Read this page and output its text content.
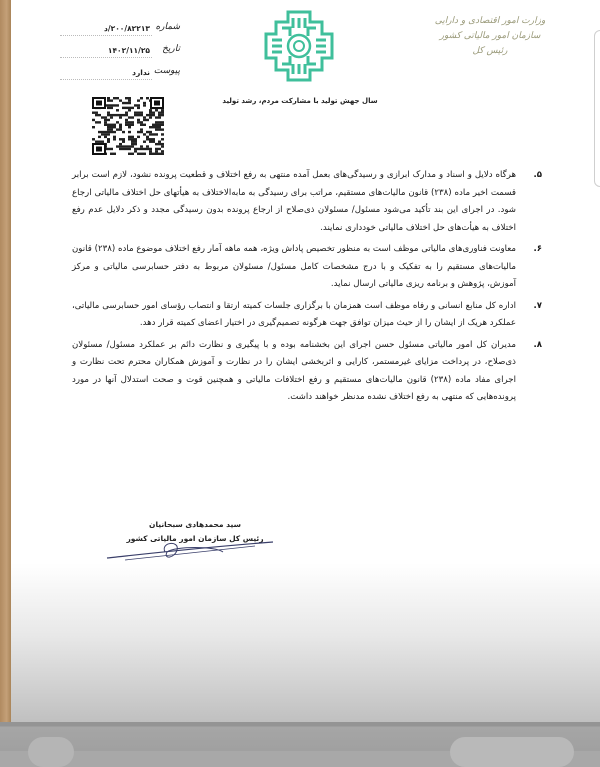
وزارت امور اقتصادی و دارایی
سازمان امور مالیاتی کشور
رئیس کل
سال جهش تولید با مشارکت مردم، رشد تولید
شماره
۲۰۰/۸۲۲۱۳/د
تاریخ
۱۴۰۲/۱۱/۲۵
پیوست
ندارد
۵.
هرگاه دلایل و اسناد و مدارک ابرازی و رسیدگی‌های بعمل آمده منتهی به رفع اختلاف و قطعیت پرونده نشود، لازم است برابر قسمت اخیر ماده (۲۳۸) قانون مالیات‌های مستقیم، مراتب برای رسیدگی به مابه‌الاختلاف به هیأتهای حل اختلاف مالیاتی ارجاع شود. در اجرای این بند تأکید می‌شود مسئول/ مسئولان ذی‌صلاح از ارجاع پرونده بدون رسیدگی مجدد و ذکر دلایل عدم رفع اختلاف به هیأت‌های حل اختلاف مالیاتی خودداری نمایند.
۶.
معاونت فناوری‌های مالیاتی موظف است به منظور تخصیص پاداش ویژه، همه ماهه آمار رفع اختلاف موضوع ماده (۲۳۸) قانون مالیات‌های مستقیم را به تفکیک و با درج مشخصات کامل مسئول/ مسئولان مربوط به دفتر حسابرسی مالیاتی و مرکز آموزش، پژوهش و برنامه ریزی مالیاتی ارسال نماید.
۷.
اداره کل منابع انسانی و رفاه موظف است همزمان با برگزاری جلسات کمیته ارتقا و انتصاب رؤسای امور حسابرسی مالیاتی، عملکرد هریک از ایشان را از حیث میزان توافق جهت هرگونه تصمیم‌گیری در اختیار اعضای کمیته قرار دهد.
۸.
مدیران کل امور مالیاتی مسئول حسن اجرای این بخشنامه بوده و با پیگیری و نظارت دائم بر عملکرد مسئول/ مسئولان ذی‌صلاح، در پرداخت مزایای غیرمستمر، کارایی و اثربخشی ایشان را در نظارت و آموزش همکاران محترم تحت نظارت و اجرای مفاد ماده (۲۳۸) قانون مالیات‌های مستقیم و رفع اختلافات مالیاتی و همچنین قوت و صحت استدلال آنها در مورد پرونده‌هایی که منتهی به رفع اختلاف نشده مدنظر خواهند داشت.
سید محمدهادی سبحانیان
رئیس کل سازمان امور مالیاتی کشور
